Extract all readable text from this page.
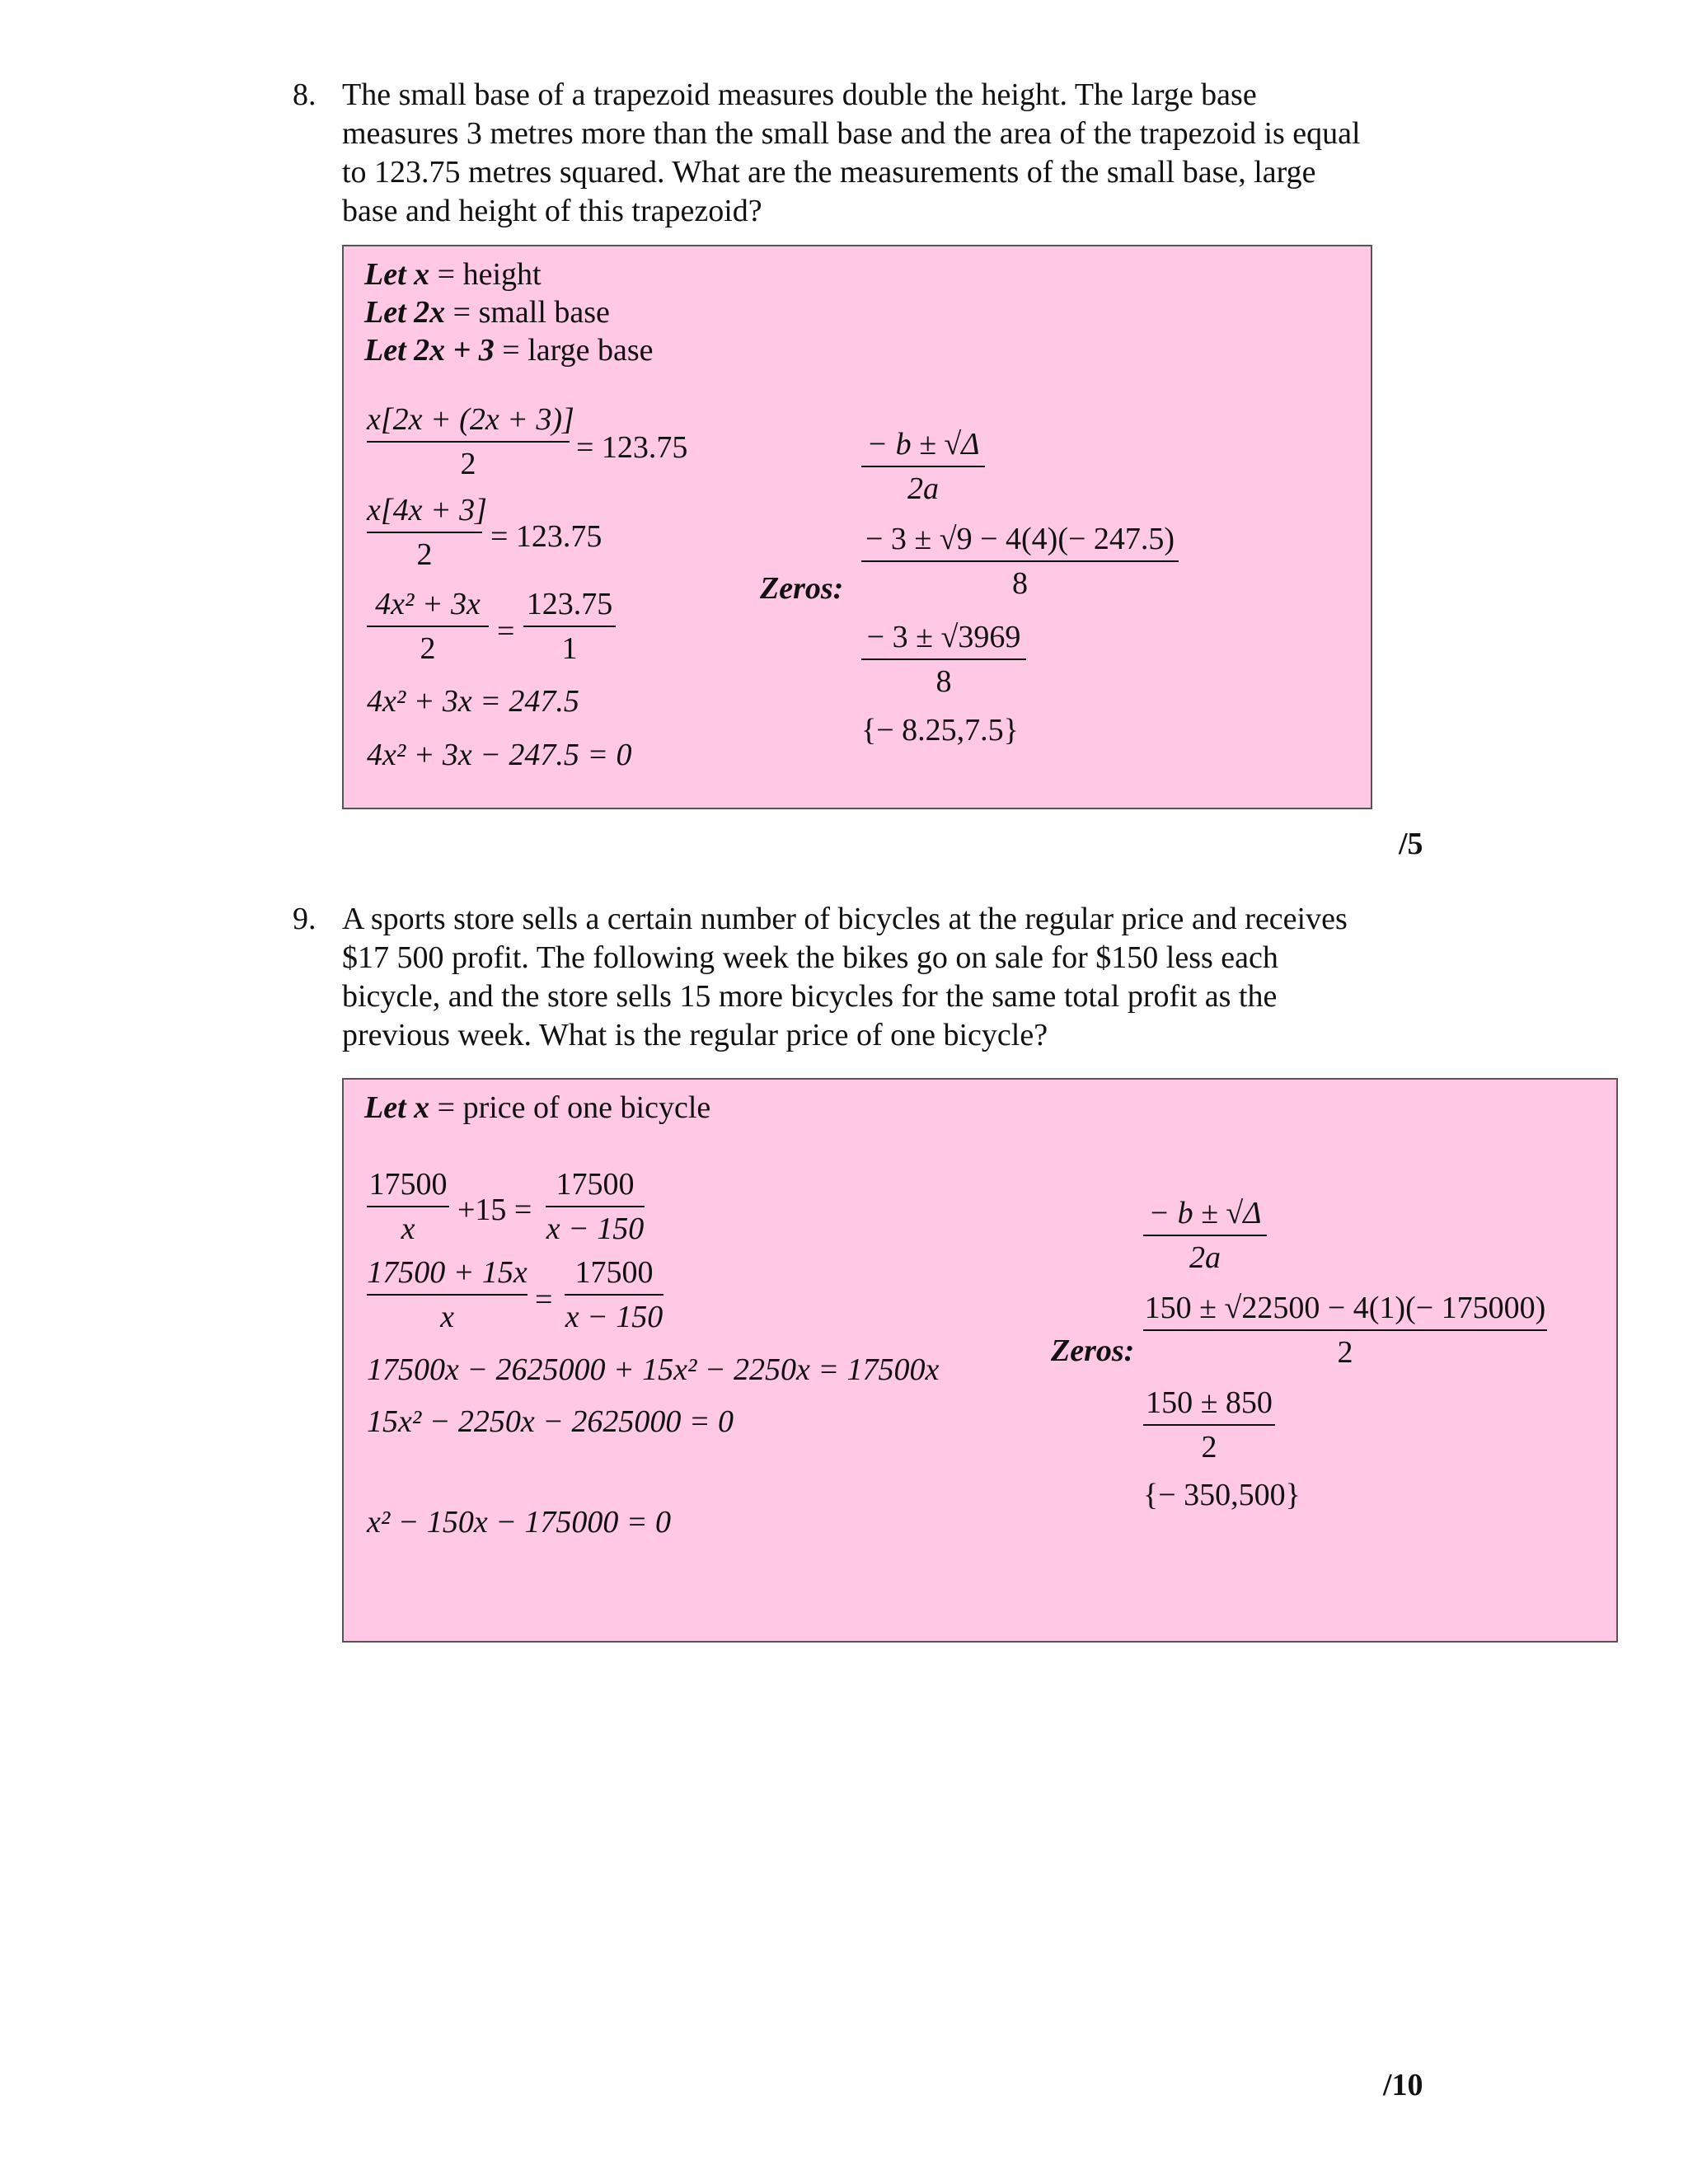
8. The small base of a trapezoid measures double the height. The large base
measures 3 metres more than the small base and the area of the trapezoid is equal
to 123.75 metres squared. What are the measurements of the small base, large
base and height of this trapezoid?
Let x = height
Let 2x = small base
Let 2x + 3 = large base
x[2x + (2x + 3)]
2	= 123.75
x[4x + 3]
2
= 123.75
4x² + 3x
2	=
123.75
1
4x² + 3x = 247.5
4x² + 3x − 247.5 = 0
Zeros:
− b ± √Δ
2a
− 3 ± √9 − 4(4)(− 247.5)
8
− 3 ± √3969
8
{− 8.25,7.5}
/5
9. A sports store sells a certain number of bicycles at the regular price and receives
$17 500 profit. The following week the bikes go on sale for $150 less each
bicycle, and the store sells 15 more bicycles for the same total profit as the
previous week. What is the regular price of one bicycle?
Let x = price of one bicycle
17500
x
+15 =
17500
x − 150
17500 + 15x
x	=
17500
x − 150
17500x − 2625000 + 15x² − 2250x = 17500x
15x² − 2250x − 2625000 = 0
x² − 150x − 175000 = 0
Zeros:
− b ± √Δ
2a
150 ± √22500 − 4(1)(− 175000)
2
150 ± 850
2
{− 350,500}
/10
